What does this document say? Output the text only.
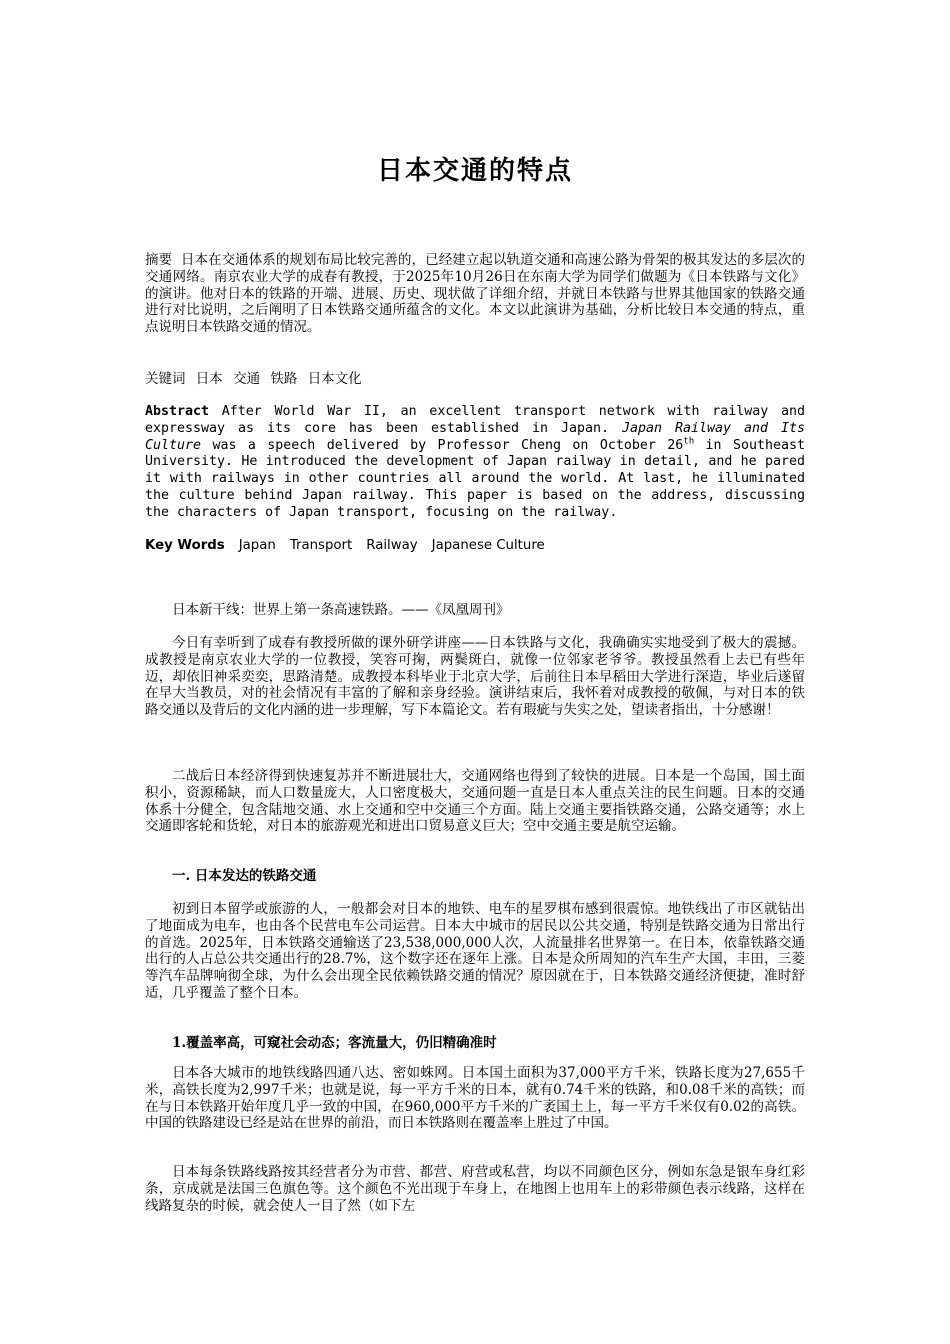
日本交通的特点

摘要 日本在交通体系的规划布局比较完善的，已经建立起以轨道交通和高速公路为骨架的极其发达的多层次的交通网络。南京农业大学的成春有教授，于2025年10月26日在东南大学为同学们做题为《日本铁路与文化》的演讲。他对日本的铁路的开端、进展、历史、现状做了详细介绍，并就日本铁路与世界其他国家的铁路交通进行对比说明，之后阐明了日本铁路交通所蕴含的文化。本文以此演讲为基础，分析比较日本交通的特点，重点说明日本铁路交通的情况。

关键词 日本 交通 铁路 日本文化

Abstract After World War II, an excellent transport network with railway and expressway as its core has been established in Japan. Japan Railway and Its Culture was a speech delivered by Professor Cheng on October 26th in Southeast University. He introduced the development of Japan railway in detail, and he pared it with railways in other countries all around the world. At last, he illuminated the culture behind Japan railway. This paper is based on the address, discussing the characters of Japan transport, focusing on the railway.

Key Words Japan Transport Railway Japanese Culture

日本新干线：世界上第一条高速铁路。——《凤凰周刊》

今日有幸听到了成春有教授所做的课外研学讲座——日本铁路与文化，我确确实实地受到了极大的震撼。成教授是南京农业大学的一位教授，笑容可掬，两鬓斑白，就像一位邻家老爷爷。教授虽然看上去已有些年迈，却依旧神采奕奕，思路清楚。成教授本科毕业于北京大学，后前往日本早稻田大学进行深造，毕业后遂留在早大当教员，对的社会情况有丰富的了解和亲身经验。演讲结束后，我怀着对成教授的敬佩，与对日本的铁路交通以及背后的文化内涵的进一步理解，写下本篇论文。若有瑕疵与失实之处，望读者指出，十分感谢！

二战后日本经济得到快速复苏并不断进展壮大，交通网络也得到了较快的进展。日本是一个岛国，国土面积小，资源稀缺，而人口数量庞大，人口密度极大，交通问题一直是日本人重点关注的民生问题。日本的交通体系十分健全，包含陆地交通、水上交通和空中交通三个方面。陆上交通主要指铁路交通，公路交通等；水上交通即客轮和货轮，对日本的旅游观光和进出口贸易意义巨大；空中交通主要是航空运输。

一. 日本发达的铁路交通

初到日本留学或旅游的人，一般都会对日本的地铁、电车的星罗棋布感到很震惊。地铁线出了市区就钻出了地面成为电车，也由各个民营电车公司运营。日本大中城市的居民以公共交通，特别是铁路交通为日常出行的首选。2025年，日本铁路交通输送了23,538,000,000人次，人流量排名世界第一。在日本，依靠铁路交通出行的人占总公共交通出行的28.7%，这个数字还在逐年上涨。日本是众所周知的汽车生产大国，丰田，三菱等汽车品牌响彻全球，为什么会出现全民依赖铁路交通的情况？原因就在于，日本铁路交通经济便捷，准时舒适，几乎覆盖了整个日本。

1.覆盖率高，可窥社会动态；客流量大，仍旧精确准时

日本各大城市的地铁线路四通八达、密如蛛网。日本国土面积为37,000平方千米，铁路长度为27,655千米，高铁长度为2,997千米；也就是说，每一平方千米的日本，就有0.74千米的铁路，和0.08千米的高铁；而在与日本铁路开始年度几乎一致的中国，在960,000平方千米的广袤国土上，每一平方千米仅有0.02的高铁。中国的铁路建设已经是站在世界的前沿，而日本铁路则在覆盖率上胜过了中国。

日本每条铁路线路按其经营者分为市营、都营、府营或私营，均以不同颜色区分，例如东急是银车身红彩条，京成就是法国三色旗色等。这个颜色不光出现于车身上，在地图上也用车上的彩带颜色表示线路，这样在线路复杂的时候，就会使人一目了然（如下左
